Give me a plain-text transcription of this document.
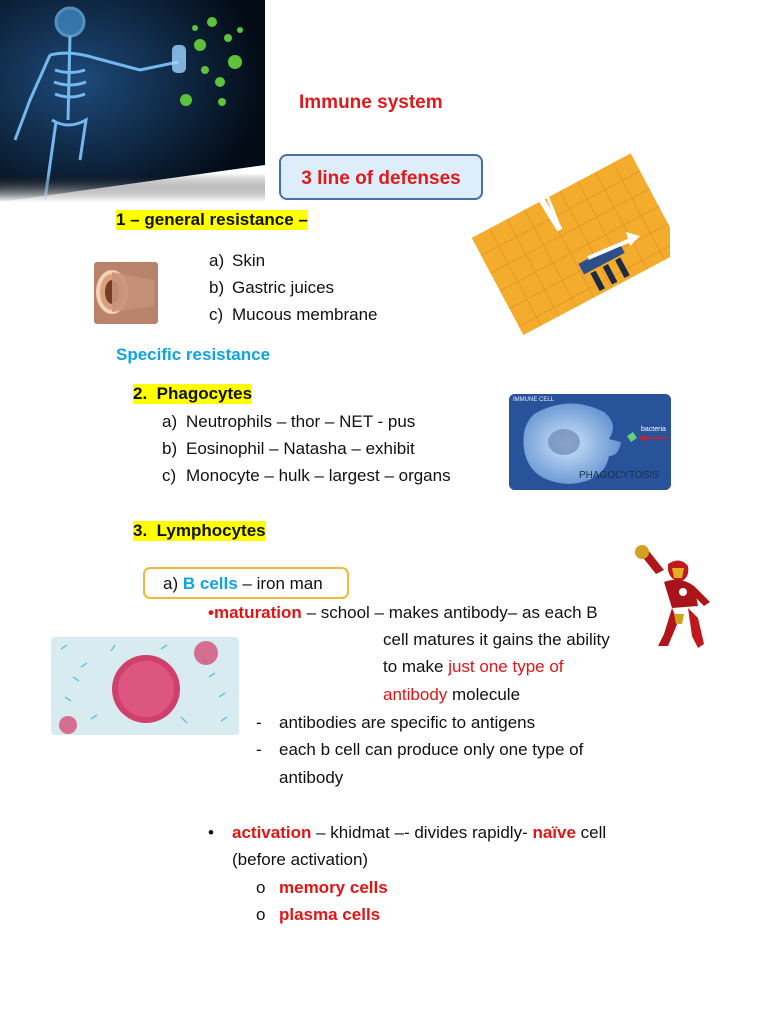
Immune system
3 line of defenses
1 – general resistance –
a) Skin
b) Gastric juices
c) Mucous membrane
Specific resistance
2. Phagocytes
a) Neutrophils – thor – NET - pus
b) Eosinophil – Natasha – exhibit
c) Monocyte – hulk – largest – organs
IMMUNE CELL
bacteria
PHAGOCYTOSIS
3. Lymphocytes
a) B cells – iron man
•maturation – school – makes antibody– as each B
cell matures it gains the ability
to make just one type of
antibody molecule
- antibodies are specific to antigens
- each b cell can produce only one type of
antibody
• activation – khidmat –- divides rapidly- naïve cell
(before activation)
o memory cells
o plasma cells
